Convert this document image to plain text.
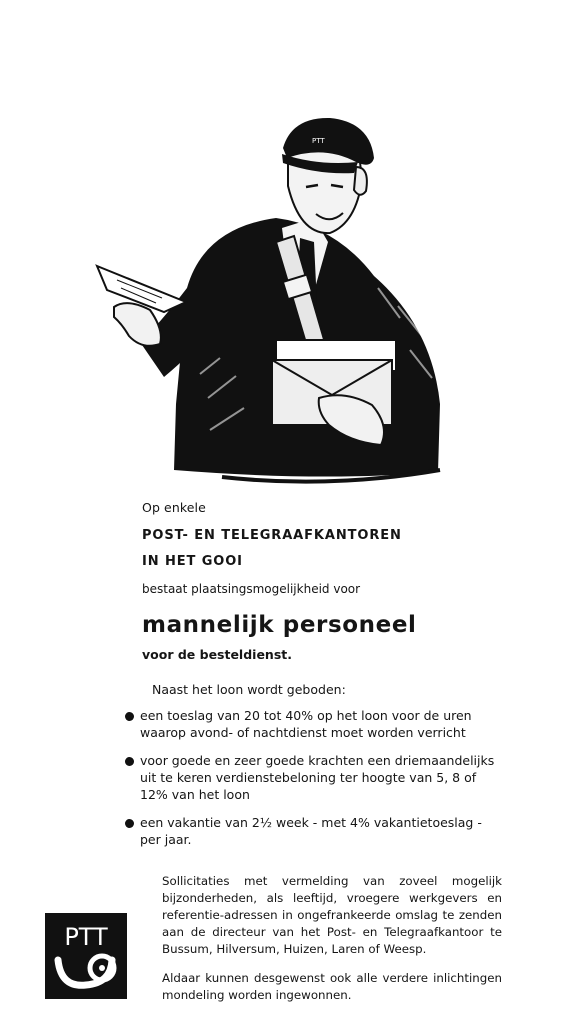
PTT

Op enkele

POST- EN TELEGRAAFKANTOREN

IN HET GOOI

bestaat plaatsingsmogelijkheid voor

mannelijk personeel

voor de besteldienst.

Naast het loon wordt geboden:

een toeslag van 20 tot 40% op het loon voor de uren
waarop avond- of nachtdienst moet worden verricht
voor goede en zeer goede krachten een driemaandelijks
uit te keren verdienstebeloning ter hoogte van 5, 8 of
12% van het loon
een vakantie van 2½ week - met 4% vakantietoeslag -
per jaar.

Sollicitaties met vermelding van zoveel mogelijk bijzonderheden, als leeftijd, vroegere werkgevers en referentie-adressen in ongefrankeerde omslag te zenden aan de directeur van het Post- en Telegraafkantoor te Bussum, Hilversum, Huizen, Laren of Weesp.

Aldaar kunnen desgewenst ook alle verdere inlichtingen mondeling worden ingewonnen.

PTT
